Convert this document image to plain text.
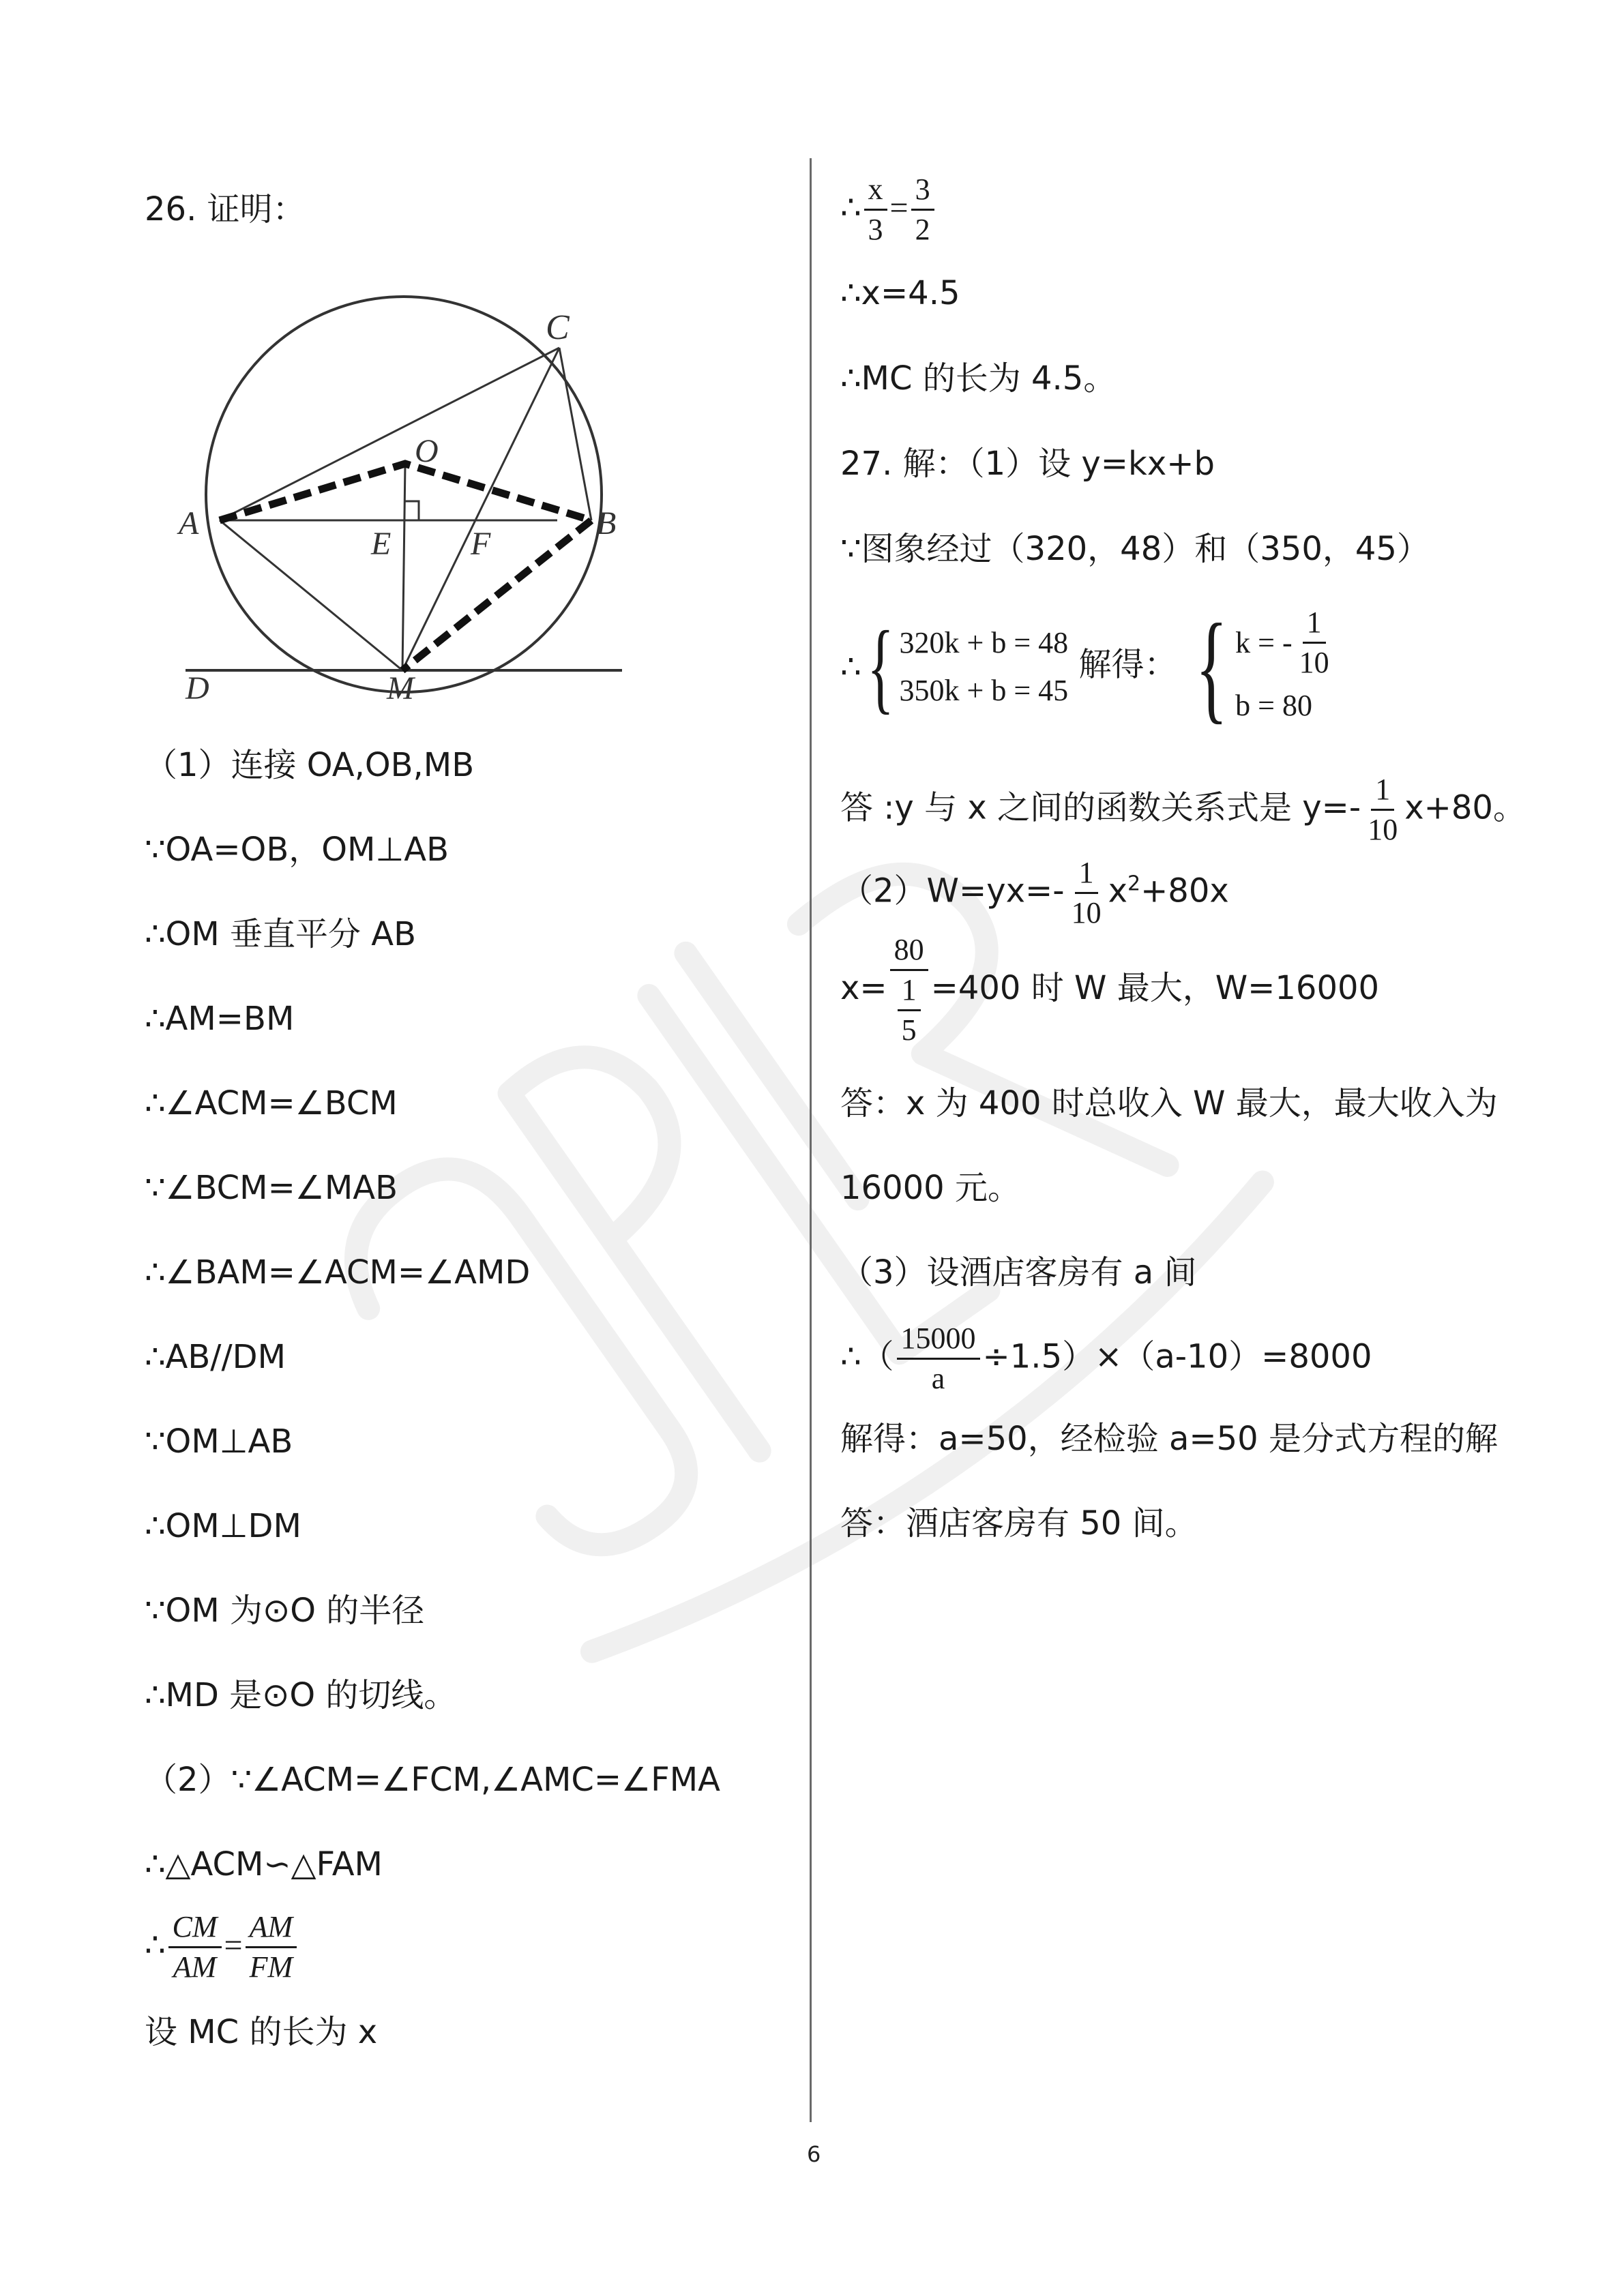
26. 证明：
（1）连接 OA,OB,MB
∵OA=OB，OM⊥AB
∴OM 垂直平分 AB
∴AM=BM
∴∠ACM=∠BCM
∵∠BCM=∠MAB
∴∠BAM=∠ACM=∠AMD
∴AB//DM
∵OM⊥AB
∴OM⊥DM
∵OM 为⊙O 的半径
∴MD 是⊙O 的切线。
（2）∵∠ACM=∠FCM,∠AMC=∠FMA
∴△ACM∽△FAM
∴ $\frac{CM}{AM} = \frac{AM}{FM}$
设 MC 的长为 x
C
O
A
E F
B
D	M
∴ $\frac{x}{3} = \frac{3}{2}$
∴x=4.5
∴MC 的长为 4.5。
27. 解：（1）设 y=kx+b
∵图象经过（320，48）和（350，45）
∴ { 320k + b = 48
350k + b = 45
解得： { k = - $\frac{1}{10}$
b = 80
答 :y 与 x 之间的函数关系式是 $y=- \frac{1}{10} x+80$。
$(2)W=yx=- \frac{1}{10} x^2+80x$
$x= \frac{80}{\frac{1}{5}} =400$ 时 W 最大，W=16000
答：x 为 400 时总收入 W 最大，最大收入为
16000 元。
（3）设酒店客房有 a 间
∴（ $\frac{15000}{a} \div 1.5)\times(a-10)=8000$
解得：a=50，经检验 a=50 是分式方程的解
答：酒店客房有 50 间。
6
